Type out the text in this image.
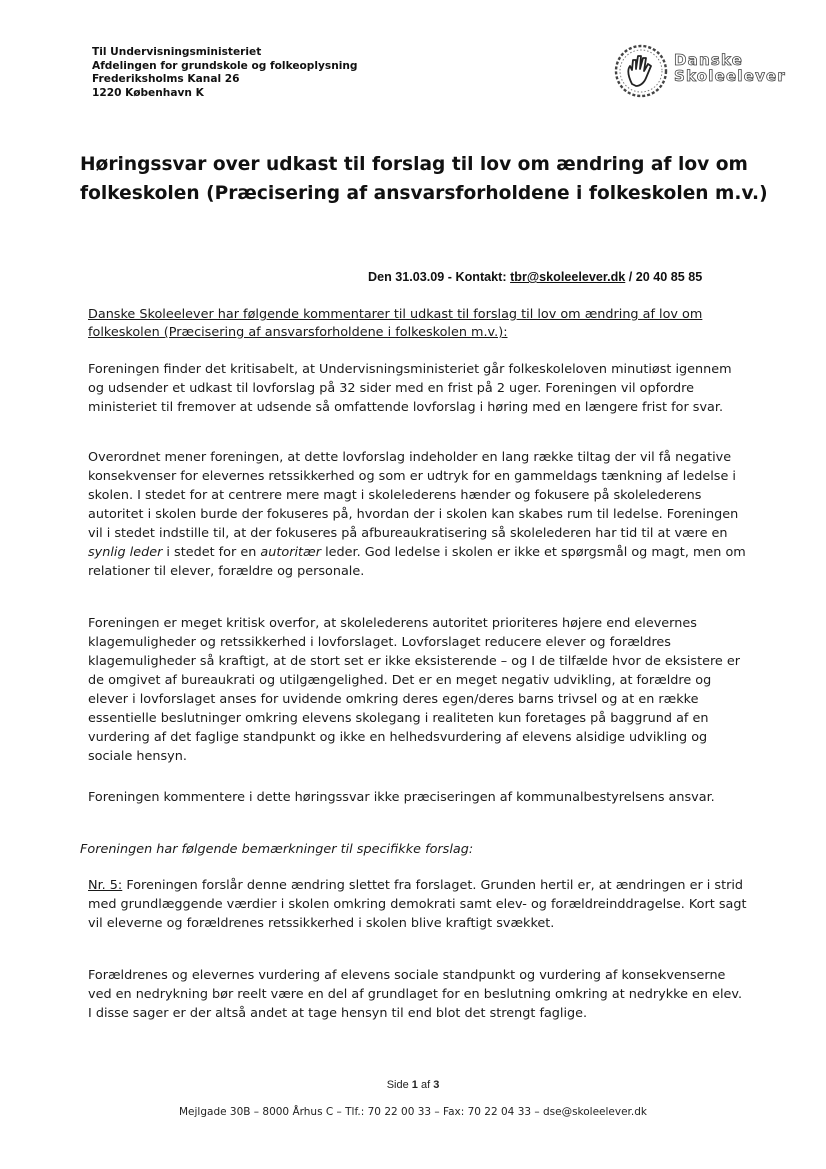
Til Undervisningsministeriet
Afdelingen for grundskole og folkeoplysning
Frederiksholms Kanal 26
1220 København K
Danske
Skoleelever
Høringssvar over udkast til forslag til lov om ændring af lov om folkeskolen (Præcisering af ansvarsforholdene i folkeskolen m.v.)
Den 31.03.09 - Kontakt: tbr@skoleelever.dk / 20 40 85 85

Danske Skoleelever har følgende kommentarer til udkast til forslag til lov om ændring af lov om folkeskolen (Præcisering af ansvarsforholdene i folkeskolen m.v.):

Foreningen finder det kritisabelt, at Undervisningsministeriet går folkeskoleloven minutiøst igennem og udsender et udkast til lovforslag på 32 sider med en frist på 2 uger. Foreningen vil opfordre ministeriet til fremover at udsende så omfattende lovforslag i høring med en længere frist for svar.

Overordnet mener foreningen, at dette lovforslag indeholder en lang række tiltag der vil få negative konsekvenser for elevernes retssikkerhed og som er udtryk for en gammeldags tænkning af ledelse i skolen. I stedet for at centrere mere magt i skolelederens hænder og fokusere på skolelederens autoritet i skolen burde der fokuseres på, hvordan der i skolen kan skabes rum til ledelse. Foreningen vil i stedet indstille til, at der fokuseres på afbureaukratisering så skolelederen har tid til at være en synlig leder i stedet for en autoritær leder. God ledelse i skolen er ikke et spørgsmål og magt, men om relationer til elever, forældre og personale.

Foreningen er meget kritisk overfor, at skolelederens autoritet prioriteres højere end elevernes klagemuligheder og retssikkerhed i lovforslaget. Lovforslaget reducere elever og forældres klagemuligheder så kraftigt, at de stort set er ikke eksisterende – og I de tilfælde hvor de eksistere er de omgivet af bureaukrati og utilgængelighed. Det er en meget negativ udvikling, at forældre og elever i lovforslaget anses for uvidende omkring deres egen/deres barns trivsel og at en række essentielle beslutninger omkring elevens skolegang i realiteten kun foretages på baggrund af en vurdering af det faglige standpunkt og ikke en helhedsvurdering af elevens alsidige udvikling og sociale hensyn.

Foreningen kommentere i dette høringssvar ikke præciseringen af kommunalbestyrelsens ansvar.

Foreningen har følgende bemærkninger til specifikke forslag:

Nr. 5: Foreningen forslår denne ændring slettet fra forslaget. Grunden hertil er, at ændringen er i strid med grundlæggende værdier i skolen omkring demokrati samt elev- og forældreinddragelse. Kort sagt vil eleverne og forældrenes retssikkerhed i skolen blive kraftigt svækket.

Forældrenes og elevernes vurdering af elevens sociale standpunkt og vurdering af konsekvenserne ved en nedrykning bør reelt være en del af grundlaget for en beslutning omkring at nedrykke en elev. I disse sager er der altså andet at tage hensyn til end blot det strengt faglige.

Side 1 af 3
Mejlgade 30B – 8000 Århus C – Tlf.: 70 22 00 33 – Fax: 70 22 04 33 – dse@skoleelever.dk
